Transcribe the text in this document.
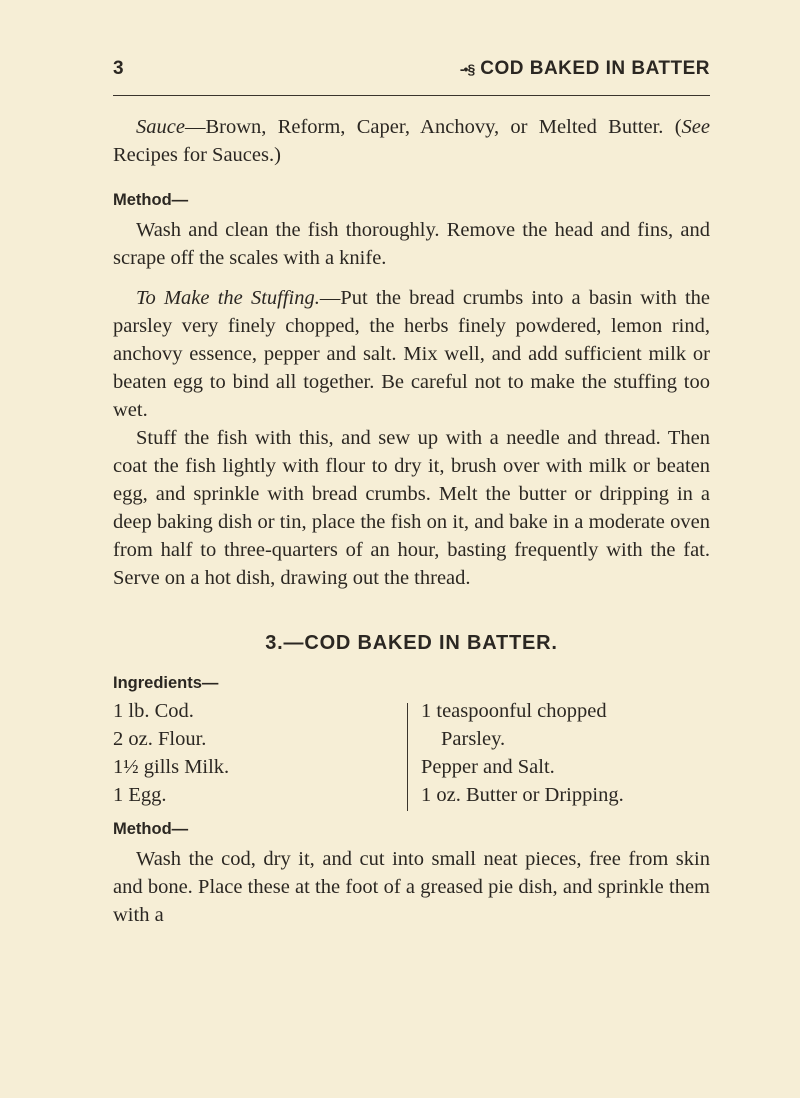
3	-•§ COD BAKED IN BATTER

Sauce—Brown, Reform, Caper, Anchovy, or Melted Butter. (See Recipes for Sauces.)

Method—

Wash and clean the fish thoroughly. Remove the head and fins, and scrape off the scales with a knife.

To Make the Stuffing.—Put the bread crumbs into a basin with the parsley very finely chopped, the herbs finely powdered, lemon rind, anchovy essence, pepper and salt. Mix well, and add sufficient milk or beaten egg to bind all together. Be careful not to make the stuffing too wet.

Stuff the fish with this, and sew up with a needle and thread. Then coat the fish lightly with flour to dry it, brush over with milk or beaten egg, and sprinkle with bread crumbs. Melt the butter or dripping in a deep baking dish or tin, place the fish on it, and bake in a moderate oven from half to three-quarters of an hour, basting frequently with the fat. Serve on a hot dish, drawing out the thread.

3.—COD BAKED IN BATTER.

Ingredients—

1 lb. Cod.

2 oz. Flour.

1½ gills Milk.

1 Egg.

1 teaspoonful chopped

Parsley.

Pepper and Salt.

1 oz. Butter or Dripping.

Method—

Wash the cod, dry it, and cut into small neat pieces, free from skin and bone. Place these at the foot of a greased pie dish, and sprinkle them with a
